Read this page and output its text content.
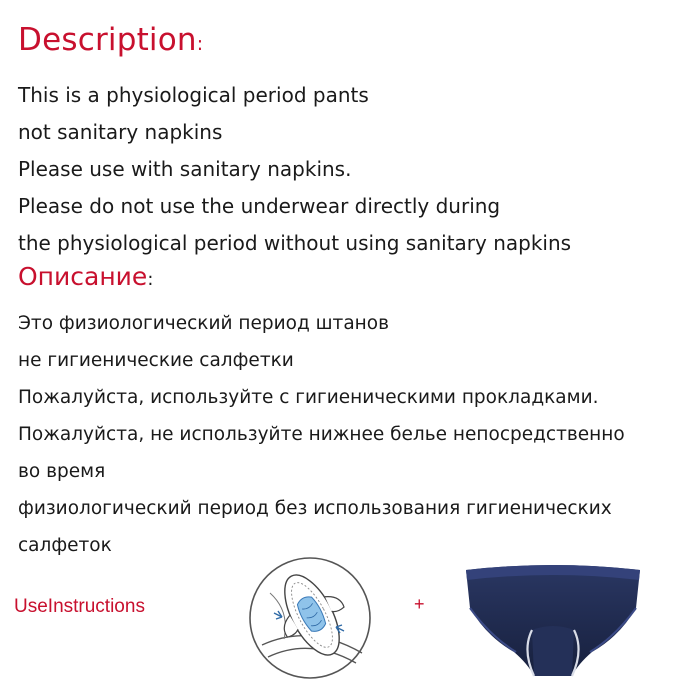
Description:
This is a physiological period pants
not sanitary napkins
Please use with sanitary napkins.
Please do not use the underwear directly during
the physiological period without using sanitary napkins
Описание:
Это физиологический период штанов
не гигиенические салфетки
Пожалуйста, используйте с гигиеническими прокладками.
Пожалуйста, не используйте нижнее белье непосредственно
во время
физиологический период без использования гигиенических
салфеток
UseInstructions	+
